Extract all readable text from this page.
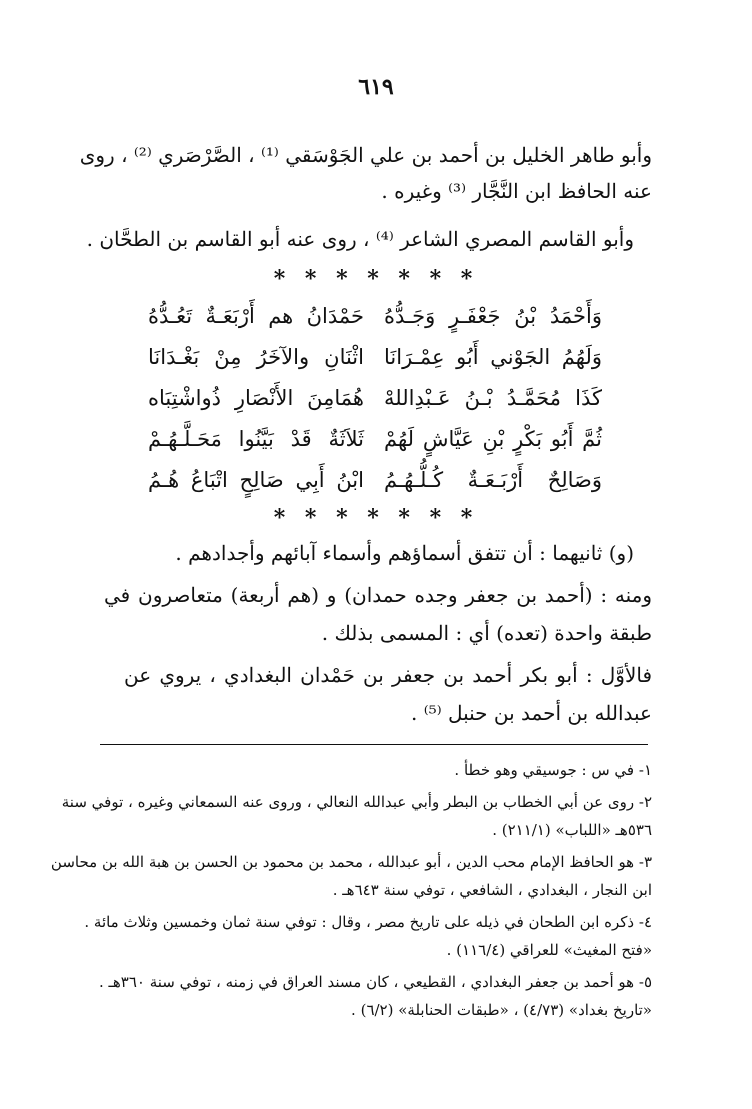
٦١٩
وأبو طاهر الخليل بن أحمد بن علي الجَوْسَقي ⁽¹⁾ ، الصَّرْصَري ⁽²⁾ ، روى
عنه الحافظ ابن النَّجَّار ⁽³⁾ وغيره .
وأبو القاسم المصري الشاعر ⁽⁴⁾ ، روى عنه أبو القاسم بن الطحَّان .
* * * * * * *
وَأَحْمَدُ بْنُ جَعْفَـرٍ وَجَـدُّهُ
حَمْدَانُ هم أَرْبَعَـةٌ تَعُـدُّهُ
وَلَهُمُ الجَوْني أَبُو عِمْـرَانَا
اثْنَانِ والآخَرُ مِنْ بَغْـدَانَا
كَذَا مُحَمَّـدُ بْـنُ عَـبْدِاللهْ
هُمَامِنَ الأَنْصَارِ ذُواشْتِبَاه
ثُمَّ أَبُو بَكْرٍ بْنِ عَيَّاشٍ لَهُمْ
ثَلاَثَةٌ قَدْ بَيَّنُوا مَحَـلَّـهُـمْ
وَصَالِحٌ أَرْبَـعَـةٌ كُـلُّـهُـمُ
ابْنُ أَبِي صَالِحٍ اتْبَاعُ هُـمُ
* * * * * * *
(و) ثانيهما : أن تتفق أسماؤهم وأسماء آبائهم وأجدادهم .
ومنه : (أحمد بن جعفر وجده حمدان) و (هم أربعة) متعاصرون في
طبقة واحدة (تعده) أي : المسمى بذلك .
فالأوَّل : أبو بكر أحمد بن جعفر بن حَمْدان البغدادي ، يروي عن
عبدالله بن أحمد بن حنبل ⁽⁵⁾ .
١- في س : جوسيقي وهو خطأ .
٢- روى عن أبي الخطاب بن البطر وأبي عبدالله النعالي ، وروى عنه السمعاني وغيره ، توفي سنة
٥٣٦هـ «اللباب» (٢١١/١) .
٣- هو الحافظ الإمام محب الدين ، أبو عبدالله ، محمد بن محمود بن الحسن بن هبة الله بن محاسن
ابن النجار ، البغدادي ، الشافعي ، توفي سنة ٦٤٣هـ .
٤- ذكره ابن الطحان في ذيله على تاريخ مصر ، وقال : توفي سنة ثمان وخمسين وثلاث مائة .
«فتح المغيث» للعراقي (١١٦/٤) .
٥- هو أحمد بن جعفر البغدادي ، القطيعي ، كان مسند العراق في زمنه ، توفي سنة ٣٦٠هـ .
«تاريخ بغداد» (٤/٧٣) ، «طبقات الحنابلة» (٦/٢) .
